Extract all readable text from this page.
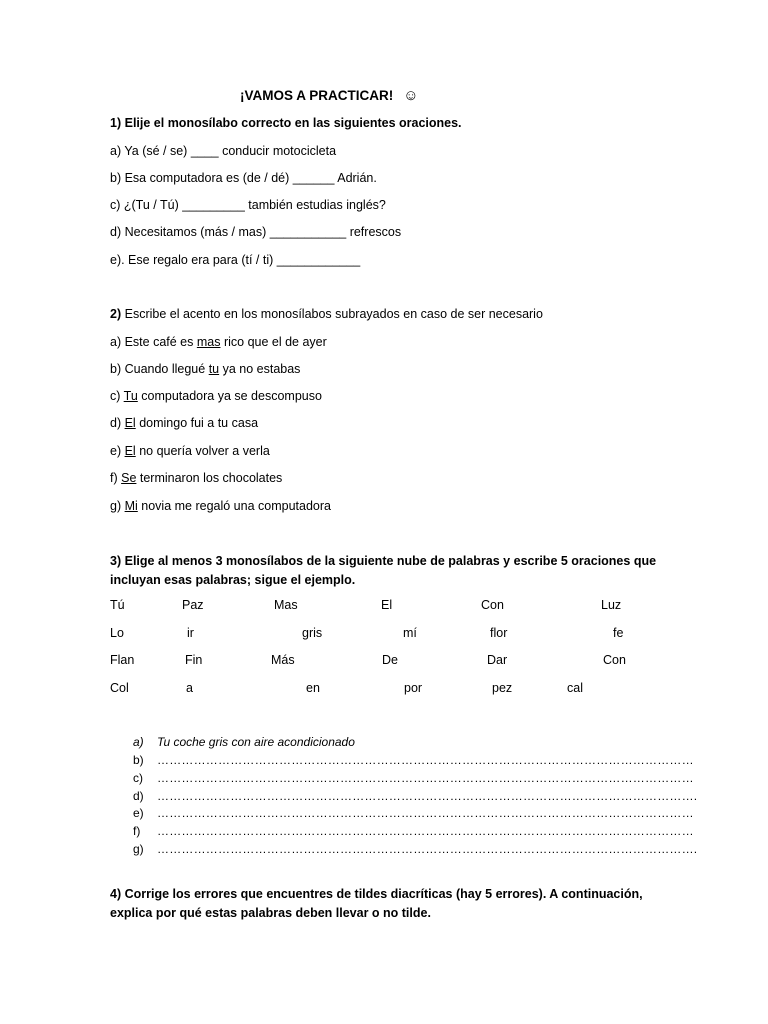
¡VAMOS A PRACTICAR! ☺
1) Elije el monosílabo correcto en las siguientes oraciones.
a) Ya (sé / se) ____ conducir motocicleta
b) Esa computadora es (de / dé) ______ Adrián.
c) ¿(Tu / Tú) _________ también estudias inglés?
d) Necesitamos (más / mas) ___________ refrescos
e). Ese regalo era para (tí / ti) ____________
2) Escribe el acento en los monosílabos subrayados en caso de ser necesario
a) Este café es mas rico que el de ayer
b) Cuando llegué tu ya no estabas
c) Tu computadora ya se descompuso
d) El domingo fui a tu casa
e) El no quería volver a verla
f) Se terminaron los chocolates
g) Mi novia me regaló una computadora
3) Elige al menos 3 monosílabos de la siguiente nube de palabras y escribe 5 oraciones que incluyan esas palabras; sigue el ejemplo.
Tú	Paz	Mas	El	Con	Luz
Lo	ir	gris	mí	flor	fe
Flan	Fin	Más	De	Dar	Con
Col	a	en	por	pez	cal
a) Tu coche gris con aire acondicionado
b) ……………………………………………………………………………………………………………………
c) ……………………………………………………………………………………………………………………
d) …………………………………………………………………………………………………………………….
e) ……………………………………………………………………………………………………………………
f) ……………………………………………………………………………………………………………………
g) …………………………………………………………………………………………………………………….
4) Corrige los errores que encuentres de tildes diacríticas (hay 5 errores). A continuación, explica por qué estas palabras deben llevar o no tilde.
